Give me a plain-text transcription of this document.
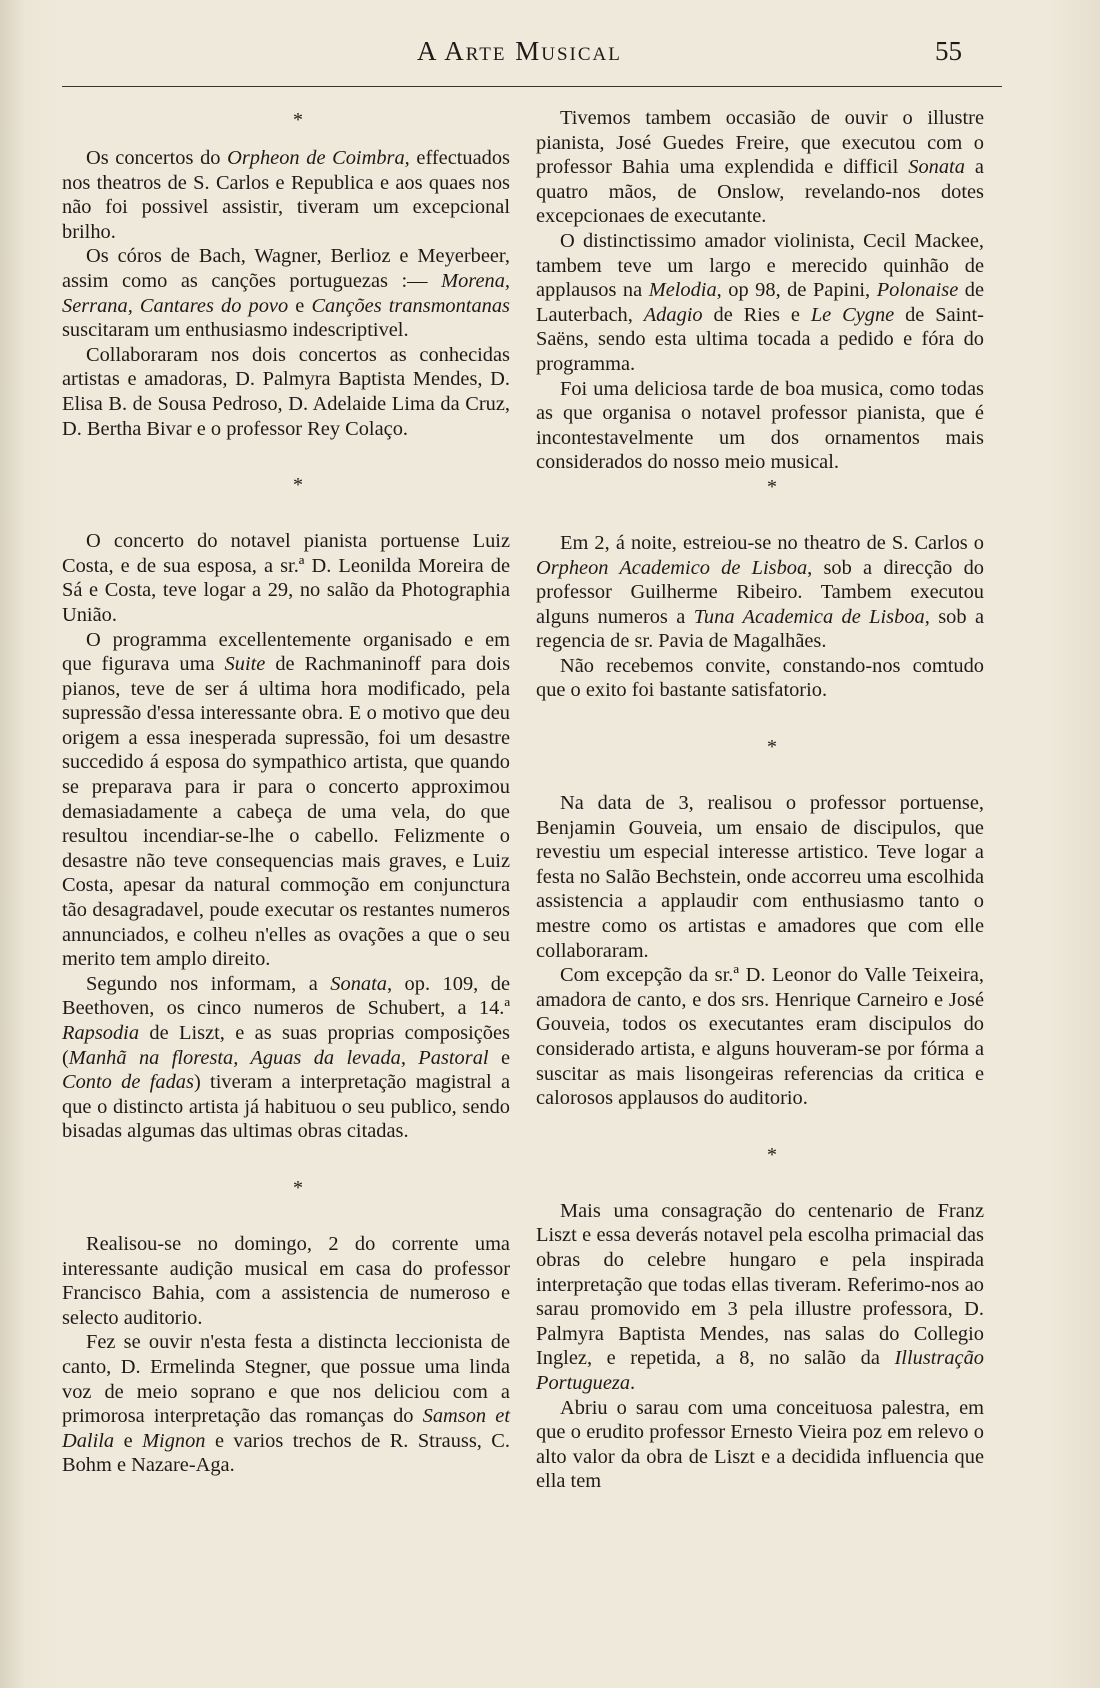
A Arte Musical	55

*

Os concertos do Orpheon de Coimbra, effectuados nos theatros de S. Carlos e Republica e aos quaes nos não foi possivel assistir, tiveram um excepcional brilho.

Os córos de Bach, Wagner, Berlioz e Meyerbeer, assim como as canções portuguezas :— Morena, Serrana, Cantares do povo e Canções transmontanas suscitaram um enthusiasmo indescriptivel.

Collaboraram nos dois concertos as conhecidas artistas e amadoras, D. Palmyra Baptista Mendes, D. Elisa B. de Sousa Pedroso, D. Adelaide Lima da Cruz, D. Bertha Bivar e o professor Rey Colaço.

*

O concerto do notavel pianista portuense Luiz Costa, e de sua esposa, a sr.ª D. Leonilda Moreira de Sá e Costa, teve logar a 29, no salão da Photographia União.

O programma excellentemente organisado e em que figurava uma Suite de Rachmaninoff para dois pianos, teve de ser á ultima hora modificado, pela supressão d'essa interessante obra. E o motivo que deu origem a essa inesperada supressão, foi um desastre succedido á esposa do sympathico artista, que quando se preparava para ir para o concerto approximou demasiadamente a cabeça de uma vela, do que resultou incendiar-se-lhe o cabello. Felizmente o desastre não teve consequencias mais graves, e Luiz Costa, apesar da natural commoção em conjunctura tão desagradavel, poude executar os restantes numeros annunciados, e colheu n'elles as ovações a que o seu merito tem amplo direito.

Segundo nos informam, a Sonata, op. 109, de Beethoven, os cinco numeros de Schubert, a 14.ª Rapsodia de Liszt, e as suas proprias composições (Manhã na floresta, Aguas da levada, Pastoral e Conto de fadas) tiveram a interpretação magistral a que o distincto artista já habituou o seu publico, sendo bisadas algumas das ultimas obras citadas.

*

Realisou-se no domingo, 2 do corrente uma interessante audição musical em casa do professor Francisco Bahia, com a assistencia de numeroso e selecto auditorio.

Fez se ouvir n'esta festa a distincta leccionista de canto, D. Ermelinda Stegner, que possue uma linda voz de meio soprano e que nos deliciou com a primorosa interpretação das romanças do Samson et Dalila e Mignon e varios trechos de R. Strauss, C. Bohm e Nazare-Aga.

Tivemos tambem occasião de ouvir o illustre pianista, José Guedes Freire, que executou com o professor Bahia uma explendida e difficil Sonata a quatro mãos, de Onslow, revelando-nos dotes excepcionaes de executante.

O distinctissimo amador violinista, Cecil Mackee, tambem teve um largo e merecido quinhão de applausos na Melodia, op 98, de Papini, Polonaise de Lauterbach, Adagio de Ries e Le Cygne de Saint-Saëns, sendo esta ultima tocada a pedido e fóra do programma.

Foi uma deliciosa tarde de boa musica, como todas as que organisa o notavel professor pianista, que é incontestavelmente um dos ornamentos mais considerados do nosso meio musical.

*

Em 2, á noite, estreiou-se no theatro de S. Carlos o Orpheon Academico de Lisboa, sob a direcção do professor Guilherme Ribeiro. Tambem executou alguns numeros a Tuna Academica de Lisboa, sob a regencia de sr. Pavia de Magalhães.

Não recebemos convite, constando-nos comtudo que o exito foi bastante satisfatorio.

*

Na data de 3, realisou o professor portuense, Benjamin Gouveia, um ensaio de discipulos, que revestiu um especial interesse artistico. Teve logar a festa no Salão Bechstein, onde accorreu uma escolhida assistencia a applaudir com enthusiasmo tanto o mestre como os artistas e amadores que com elle collaboraram.

Com excepção da sr.ª D. Leonor do Valle Teixeira, amadora de canto, e dos srs. Henrique Carneiro e José Gouveia, todos os executantes eram discipulos do considerado artista, e alguns houveram-se por fórma a suscitar as mais lisongeiras referencias da critica e calorosos applausos do auditorio.

*

Mais uma consagração do centenario de Franz Liszt e essa deverás notavel pela escolha primacial das obras do celebre hungaro e pela inspirada interpretação que todas ellas tiveram. Referimo-nos ao sarau promovido em 3 pela illustre professora, D. Palmyra Baptista Mendes, nas salas do Collegio Inglez, e repetida, a 8, no salão da Illustração Portugueza.

Abriu o sarau com uma conceituosa palestra, em que o erudito professor Ernesto Vieira poz em relevo o alto valor da obra de Liszt e a decidida influencia que ella tem
